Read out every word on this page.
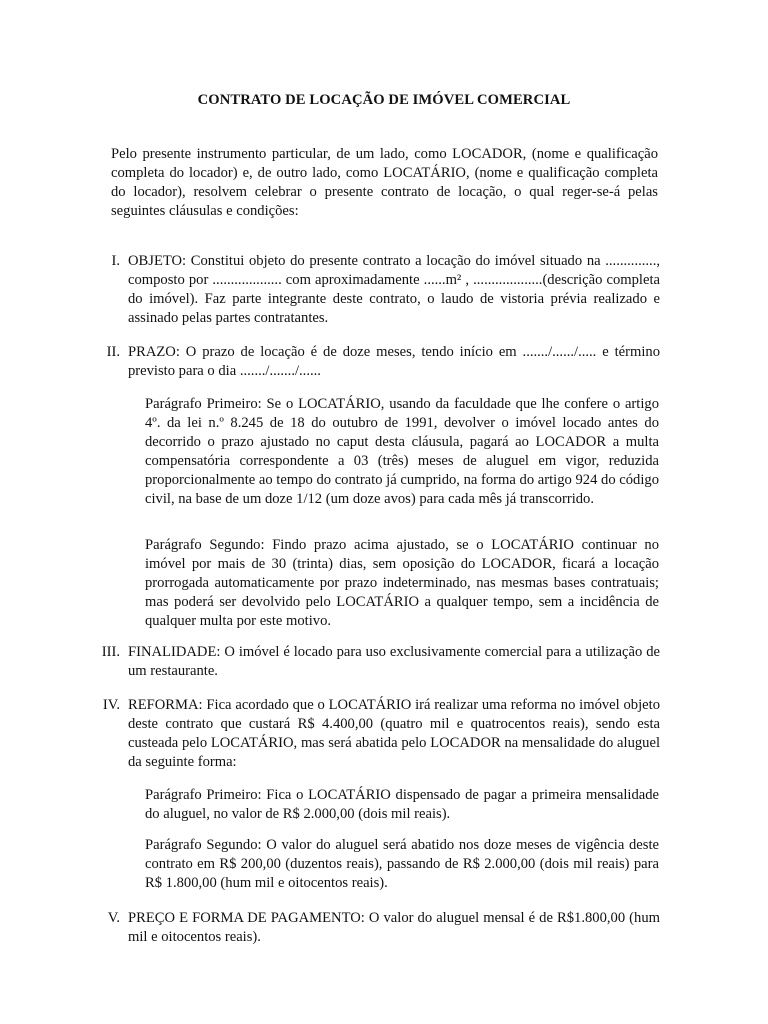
CONTRATO DE LOCAÇÃO DE IMÓVEL COMERCIAL

Pelo presente instrumento particular, de um lado, como LOCADOR, (nome e qualificação completa do locador) e, de outro lado, como LOCATÁRIO, (nome e qualificação completa do locador), resolvem celebrar o presente contrato de locação, o qual reger-se-á pelas seguintes cláusulas e condições:

I. OBJETO: Constitui objeto do presente contrato a locação do imóvel situado na .............., composto por ................... com aproximadamente ......m² , ...................(descrição completa do imóvel). Faz parte integrante deste contrato, o laudo de vistoria prévia realizado e assinado pelas partes contratantes.

II. PRAZO: O prazo de locação é de doze meses, tendo início em ......./....../..... e término previsto para o dia ......./......./......

Parágrafo Primeiro: Se o LOCATÁRIO, usando da faculdade que lhe confere o artigo 4º. da lei n.º 8.245 de 18 do outubro de 1991, devolver o imóvel locado antes do decorrido o prazo ajustado no caput desta cláusula, pagará ao LOCADOR a multa compensatória correspondente a 03 (três) meses de aluguel em vigor, reduzida proporcionalmente ao tempo do contrato já cumprido, na forma do artigo 924 do código civil, na base de um doze 1/12 (um doze avos) para cada mês já transcorrido.

Parágrafo Segundo: Findo prazo acima ajustado, se o LOCATÁRIO continuar no imóvel por mais de 30 (trinta) dias, sem oposição do LOCADOR, ficará a locação prorrogada automaticamente por prazo indeterminado, nas mesmas bases contratuais; mas poderá ser devolvido pelo LOCATÁRIO a qualquer tempo, sem a incidência de qualquer multa por este motivo.

III. FINALIDADE: O imóvel é locado para uso exclusivamente comercial para a utilização de um restaurante.

IV. REFORMA: Fica acordado que o LOCATÁRIO irá realizar uma reforma no imóvel objeto deste contrato que custará R$ 4.400,00 (quatro mil e quatrocentos reais), sendo esta custeada pelo LOCATÁRIO, mas será abatida pelo LOCADOR na mensalidade do aluguel da seguinte forma:

Parágrafo Primeiro: Fica o LOCATÁRIO dispensado de pagar a primeira mensalidade do aluguel, no valor de R$ 2.000,00 (dois mil reais).

Parágrafo Segundo: O valor do aluguel será abatido nos doze meses de vigência deste contrato em R$ 200,00 (duzentos reais), passando de R$ 2.000,00 (dois mil reais) para R$ 1.800,00 (hum mil e oitocentos reais).

V. PREÇO E FORMA DE PAGAMENTO: O valor do aluguel mensal é de R$1.800,00 (hum mil e oitocentos reais).
